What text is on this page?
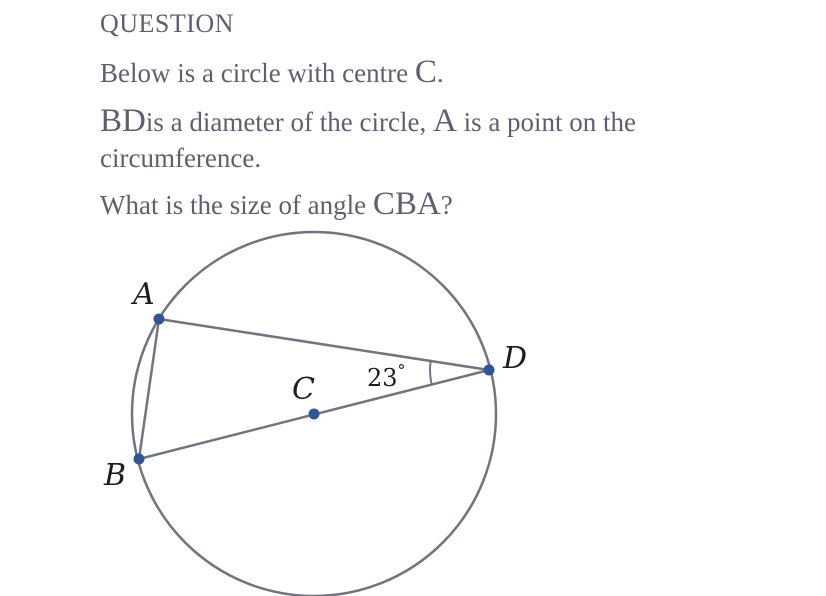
QUESTION
Below is a circle with centre C.
BDis a diameter of the circle, A is a point on the
circumference.
What is the size of angle CBA?
A
B
C
D
23°
